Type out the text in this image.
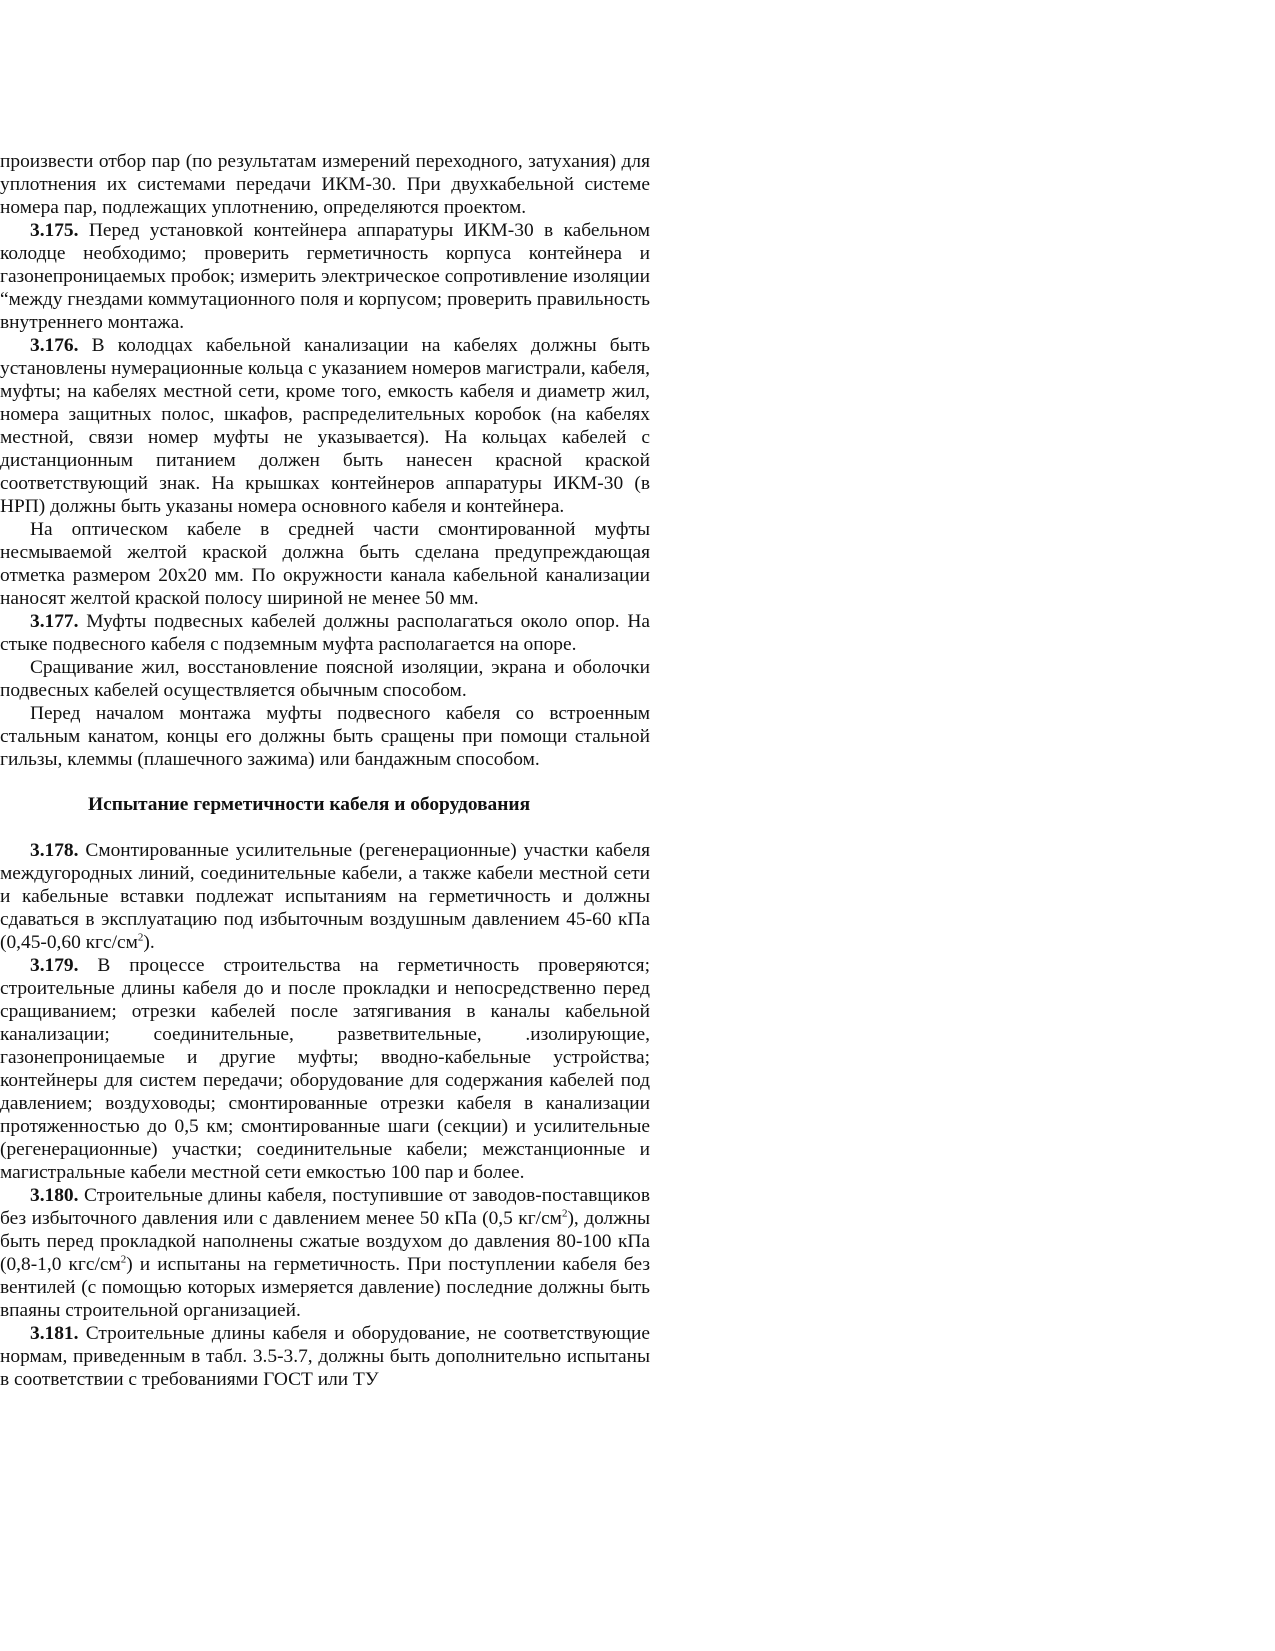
произвести отбор пар (по результатам измерений переходного, затухания) для уплотнения их системами передачи ИКМ-30. При двухкабельной системе номера пар, подлежащих уплотнению, определяются проектом.

3.175. Перед установкой контейнера аппаратуры ИКМ-30 в кабельном колодце необходимо; проверить герметичность корпуса контейнера и газонепроницаемых пробок; измерить электрическое сопротивление изоляции “между гнездами коммутационного поля и корпусом; проверить правильность внутреннего монтажа.

3.176. В колодцах кабельной канализации на кабелях должны быть установлены нумерационные кольца с указанием номеров магистрали, кабеля, муфты; на кабелях местной сети, кроме того, емкость кабеля и диаметр жил, номера защитных полос, шкафов, распределительных коробок (на кабелях местной, связи номер муфты не указывается). На кольцах кабелей с дистанционным питанием должен быть нанесен красной краской соответствующий знак. На крышках контейнеров аппаратуры ИКМ-30 (в НРП) должны быть указаны номера основного кабеля и контейнера.

На оптическом кабеле в средней части смонтированной муфты несмываемой желтой краской должна быть сделана предупреждающая отметка размером 20x20 мм. По окружности канала кабельной канализации наносят желтой краской полосу шириной не менее 50 мм.

3.177. Муфты подвесных кабелей должны располагаться около опор. На стыке подвесного кабеля с подземным муфта располагается на опоре.

Сращивание жил, восстановление поясной изоляции, экрана и оболочки подвесных кабелей осуществляется обычным способом.

Перед началом монтажа муфты подвесного кабеля со встроенным стальным канатом, концы его должны быть сращены при помощи стальной гильзы, клеммы (плашечного зажима) или бандажным способом.

Испытание герметичности кабеля и оборудования

3.178. Смонтированные усилительные (регенерационные) участки кабеля междугородных линий, соединительные кабели, а также кабели местной сети и кабельные вставки подлежат испытаниям на герметичность и должны сдаваться в эксплуатацию под избыточным воздушным давлением 45-60 кПа (0,45-0,60 кгс/$см^2$).

3.179. В процессе строительства на герметичность проверяются; строительные длины кабеля до и после прокладки и непосредственно перед сращиванием; отрезки кабелей после затягивания в каналы кабельной канализации; соединительные, разветвительные, .изолирующие, газонепроницаемые и другие муфты; вводно-кабельные устройства; контейнеры для систем передачи; оборудование для содержания кабелей под давлением; воздуховоды; смонтированные отрезки кабеля в канализации протяженностью до 0,5 км; смонтированные шаги (секции) и усилительные (регенерационные) участки; соединительные кабели; межстанционные и магистральные кабели местной сети емкостью 100 пар и более.

3.180. Строительные длины кабеля, поступившие от заводов-поставщиков без избыточного давления или с давлением менее 50 кПа (0,5 $кг/см^2$), должны быть перед прокладкой наполнены сжатые воздухом до давления 80-100 кПа (0,8-1,0 кгс/$см^2$) и испытаны на герметичность. При поступлении кабеля без вентилей (с помощью которых измеряется давление) последние должны быть впаяны строительной организацией.

3.181. Строительные длины кабеля и оборудование, не соответствующие нормам, приведенным в табл. 3.5-3.7, должны быть дополнительно испытаны в соответствии с требованиями ГОСТ или ТУ
